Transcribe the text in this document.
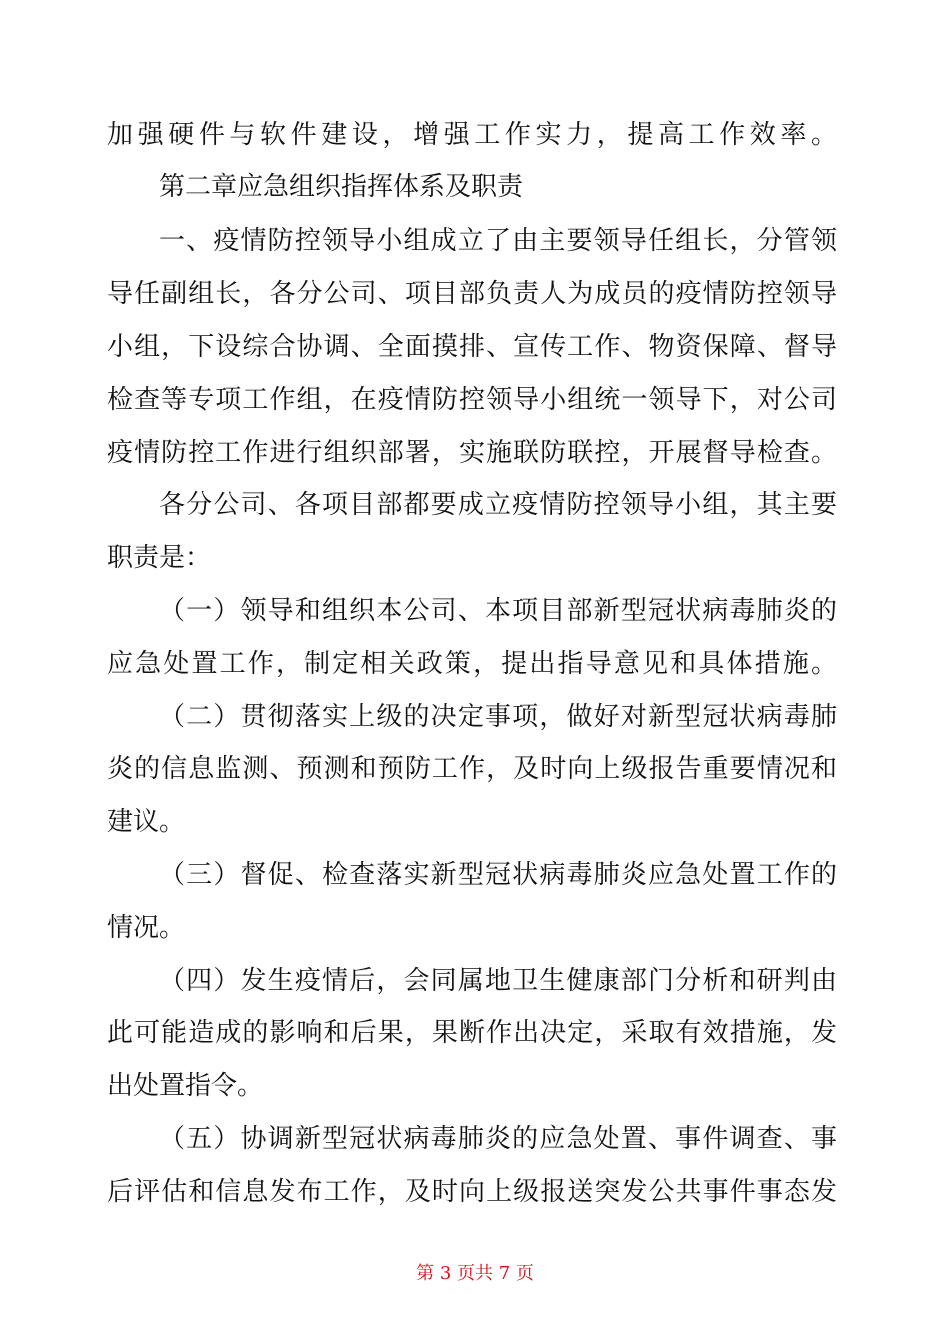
加强硬件与软件建设，增强工作实力，提高工作效率。
第二章应急组织指挥体系及职责
一、疫情防控领导小组成立了由主要领导任组长，分管领
导任副组长，各分公司、项目部负责人为成员的疫情防控领导
小组，下设综合协调、全面摸排、宣传工作、物资保障、督导
检查等专项工作组，在疫情防控领导小组统一领导下，对公司
疫情防控工作进行组织部署，实施联防联控，开展督导检查。
各分公司、各项目部都要成立疫情防控领导小组，其主要
职责是：
（一）领导和组织本公司、本项目部新型冠状病毒肺炎的
应急处置工作，制定相关政策，提出指导意见和具体措施。
（二）贯彻落实上级的决定事项，做好对新型冠状病毒肺
炎的信息监测、预测和预防工作，及时向上级报告重要情况和
建议。
（三）督促、检查落实新型冠状病毒肺炎应急处置工作的
情况。
（四）发生疫情后，会同属地卫生健康部门分析和研判由
此可能造成的影响和后果，果断作出决定，采取有效措施，发
出处置指令。
（五）协调新型冠状病毒肺炎的应急处置、事件调查、事
后评估和信息发布工作，及时向上级报送突发公共事件事态发
第 3 页共 7 页
